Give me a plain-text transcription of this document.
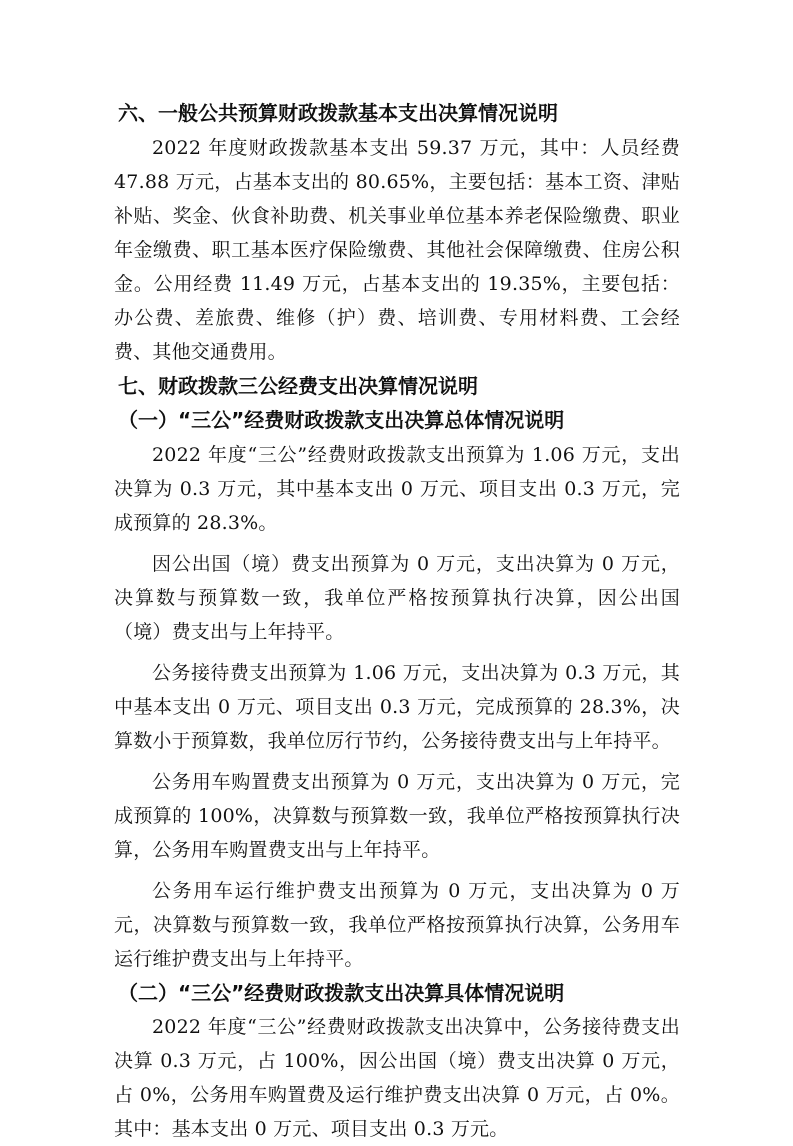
六、一般公共预算财政拨款基本支出决算情况说明

2022 年度财政拨款基本支出 59.37 万元，其中：人员经费 47.88 万元，占基本支出的 80.65%，主要包括：基本工资、津贴补贴、奖金、伙食补助费、机关事业单位基本养老保险缴费、职业年金缴费、职工基本医疗保险缴费、其他社会保障缴费、住房公积金。公用经费 11.49 万元，占基本支出的 19.35%，主要包括：办公费、差旅费、维修（护）费、培训费、专用材料费、工会经费、其他交通费用。

七、财政拨款三公经费支出决算情况说明
（一）“三公”经费财政拨款支出决算总体情况说明

2022 年度“三公”经费财政拨款支出预算为 1.06 万元，支出决算为 0.3 万元，其中基本支出 0 万元、项目支出 0.3 万元，完成预算的 28.3%。

因公出国（境）费支出预算为 0 万元，支出决算为 0 万元，决算数与预算数一致，我单位严格按预算执行决算，因公出国（境）费支出与上年持平。

公务接待费支出预算为 1.06 万元，支出决算为 0.3 万元，其中基本支出 0 万元、项目支出 0.3 万元，完成预算的 28.3%，决算数小于预算数，我单位厉行节约，公务接待费支出与上年持平。

公务用车购置费支出预算为 0 万元，支出决算为 0 万元，完成预算的 100%，决算数与预算数一致，我单位严格按预算执行决算，公务用车购置费支出与上年持平。

公务用车运行维护费支出预算为 0 万元，支出决算为 0 万元，决算数与预算数一致，我单位严格按预算执行决算，公务用车运行维护费支出与上年持平。

（二）“三公”经费财政拨款支出决算具体情况说明

2022 年度“三公”经费财政拨款支出决算中，公务接待费支出决算 0.3 万元，占 100%，因公出国（境）费支出决算 0 万元，占 0%，公务用车购置费及运行维护费支出决算 0 万元，占 0%。其中：基本支出 0 万元、项目支出 0.3 万元。
